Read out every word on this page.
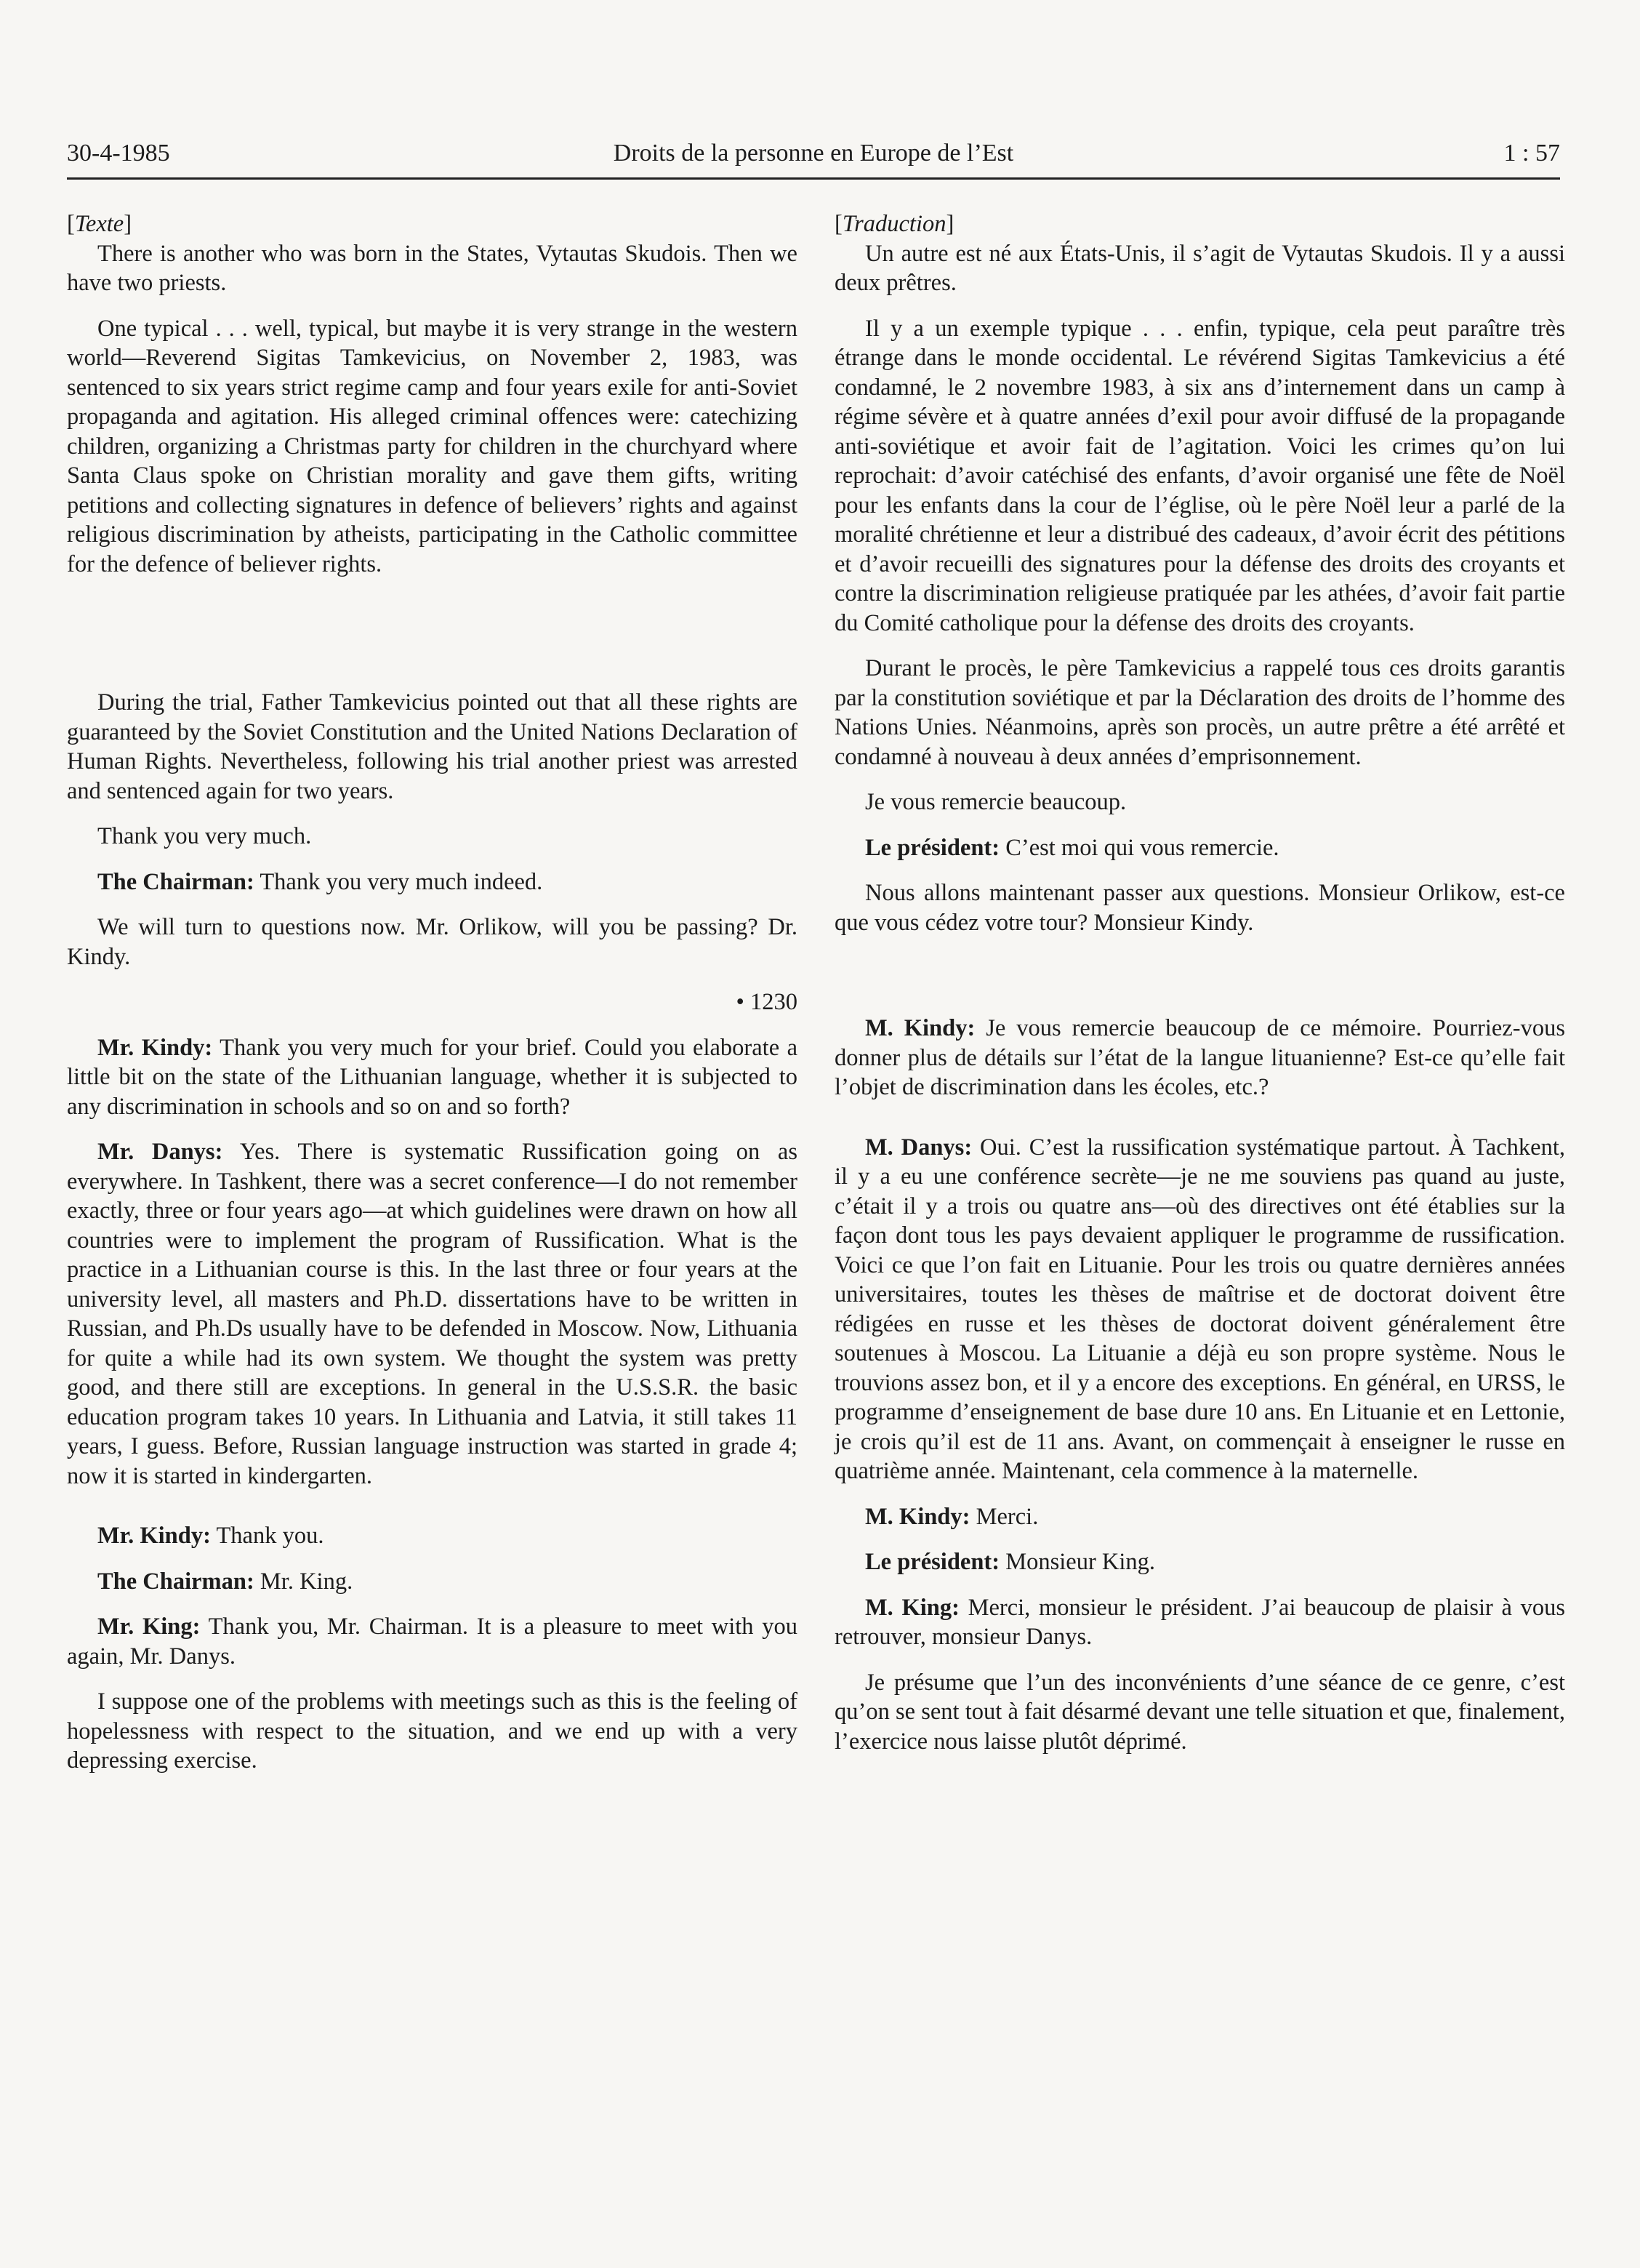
30-4-1985	Droits de la personne en Europe de l’Est	1 : 57

[Texte]

There is another who was born in the States, Vytautas Skudois. Then we have two priests.

One typical . . . well, typical, but maybe it is very strange in the western world—Reverend Sigitas Tamkevicius, on November 2, 1983, was sentenced to six years strict regime camp and four years exile for anti-Soviet propaganda and agitation. His alleged criminal offences were: catechizing children, organizing a Christmas party for children in the churchyard where Santa Claus spoke on Christian morality and gave them gifts, writing petitions and collecting signatures in defence of believers’ rights and against religious discrimination by atheists, participating in the Catholic committee for the defence of believer rights.

During the trial, Father Tamkevicius pointed out that all these rights are guaranteed by the Soviet Constitution and the United Nations Declaration of Human Rights. Nevertheless, following his trial another priest was arrested and sentenced again for two years.

Thank you very much.

The Chairman: Thank you very much indeed.

We will turn to questions now. Mr. Orlikow, will you be passing? Dr. Kindy.

• 1230

Mr. Kindy: Thank you very much for your brief. Could you elaborate a little bit on the state of the Lithuanian language, whether it is subjected to any discrimination in schools and so on and so forth?

Mr. Danys: Yes. There is systematic Russification going on as everywhere. In Tashkent, there was a secret conference—I do not remember exactly, three or four years ago—at which guidelines were drawn on how all countries were to implement the program of Russification. What is the practice in a Lithuanian course is this. In the last three or four years at the university level, all masters and Ph.D. dissertations have to be written in Russian, and Ph.Ds usually have to be defended in Moscow. Now, Lithuania for quite a while had its own system. We thought the system was pretty good, and there still are exceptions. In general in the U.S.S.R. the basic education program takes 10 years. In Lithuania and Latvia, it still takes 11 years, I guess. Before, Russian language instruction was started in grade 4; now it is started in kindergarten.

Mr. Kindy: Thank you.

The Chairman: Mr. King.

Mr. King: Thank you, Mr. Chairman. It is a pleasure to meet with you again, Mr. Danys.

I suppose one of the problems with meetings such as this is the feeling of hopelessness with respect to the situation, and we end up with a very depressing exercise.

[Traduction]

Un autre est né aux États-Unis, il s’agit de Vytautas Skudois. Il y a aussi deux prêtres.

Il y a un exemple typique . . . enfin, typique, cela peut paraître très étrange dans le monde occidental. Le révérend Sigitas Tamkevicius a été condamné, le 2 novembre 1983, à six ans d’internement dans un camp à régime sévère et à quatre années d’exil pour avoir diffusé de la propagande anti-soviétique et avoir fait de l’agitation. Voici les crimes qu’on lui reprochait: d’avoir catéchisé des enfants, d’avoir organisé une fête de Noël pour les enfants dans la cour de l’église, où le père Noël leur a parlé de la moralité chrétienne et leur a distribué des cadeaux, d’avoir écrit des pétitions et d’avoir recueilli des signatures pour la défense des droits des croyants et contre la discrimination religieuse pratiquée par les athées, d’avoir fait partie du Comité catholique pour la défense des droits des croyants.

Durant le procès, le père Tamkevicius a rappelé tous ces droits garantis par la constitution soviétique et par la Déclaration des droits de l’homme des Nations Unies. Néanmoins, après son procès, un autre prêtre a été arrêté et condamné à nouveau à deux années d’emprisonnement.

Je vous remercie beaucoup.

Le président: C’est moi qui vous remercie.

Nous allons maintenant passer aux questions. Monsieur Orlikow, est-ce que vous cédez votre tour? Monsieur Kindy.

M. Kindy: Je vous remercie beaucoup de ce mémoire. Pourriez-vous donner plus de détails sur l’état de la langue lituanienne? Est-ce qu’elle fait l’objet de discrimination dans les écoles, etc.?

M. Danys: Oui. C’est la russification systématique partout. À Tachkent, il y a eu une conférence secrète—je ne me souviens pas quand au juste, c’était il y a trois ou quatre ans—où des directives ont été établies sur la façon dont tous les pays devaient appliquer le programme de russification. Voici ce que l’on fait en Lituanie. Pour les trois ou quatre dernières années universitaires, toutes les thèses de maîtrise et de doctorat doivent être rédigées en russe et les thèses de doctorat doivent généralement être soutenues à Moscou. La Lituanie a déjà eu son propre système. Nous le trouvions assez bon, et il y a encore des exceptions. En général, en URSS, le programme d’enseignement de base dure 10 ans. En Lituanie et en Lettonie, je crois qu’il est de 11 ans. Avant, on commençait à enseigner le russe en quatrième année. Maintenant, cela commence à la maternelle.

M. Kindy: Merci.

Le président: Monsieur King.

M. King: Merci, monsieur le président. J’ai beaucoup de plaisir à vous retrouver, monsieur Danys.

Je présume que l’un des inconvénients d’une séance de ce genre, c’est qu’on se sent tout à fait désarmé devant une telle situation et que, finalement, l’exercice nous laisse plutôt déprimé.
